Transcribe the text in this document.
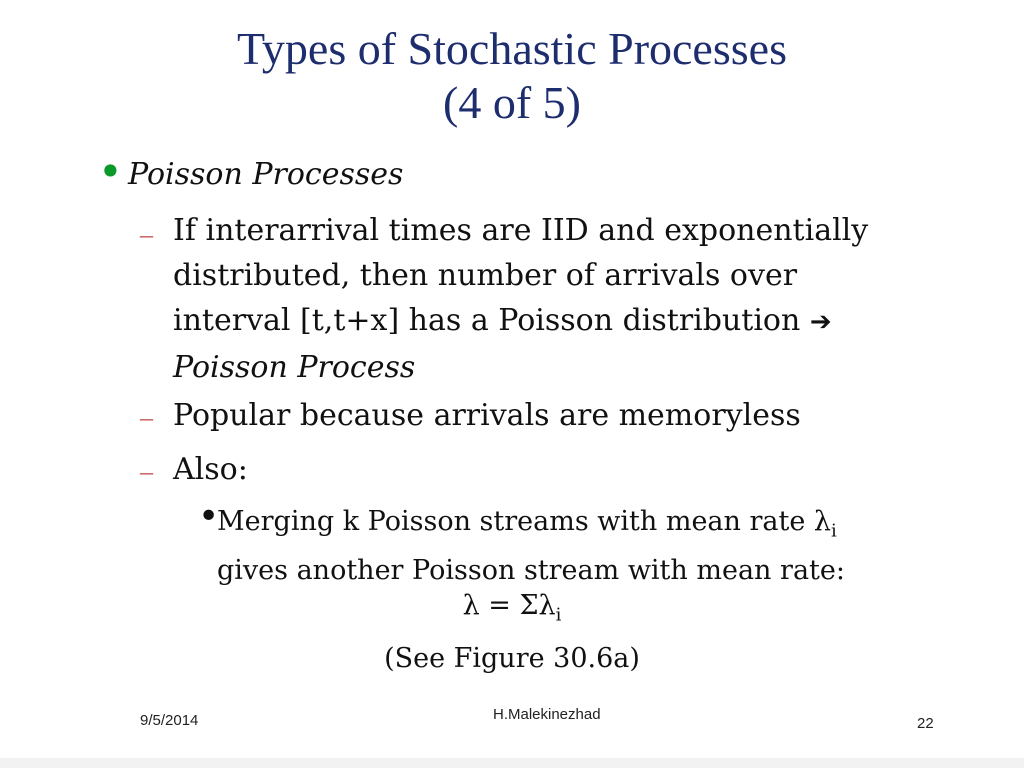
Types of Stochastic Processes
(4 of 5)
• Poisson Processes
– If interarrival times are IID and exponentially
distributed, then number of arrivals over
interval [t,t+x] has a Poisson distribution ➔
Poisson Process
– Popular because arrivals are memoryless
– Also:
•
Merging k Poisson streams with mean rate $\lambda_i$
gives another Poisson stream with mean rate:
$\lambda = \Sigma\lambda_i$
(See Figure 30.6a)
9/5/2014	H.Malekinezhad
22
